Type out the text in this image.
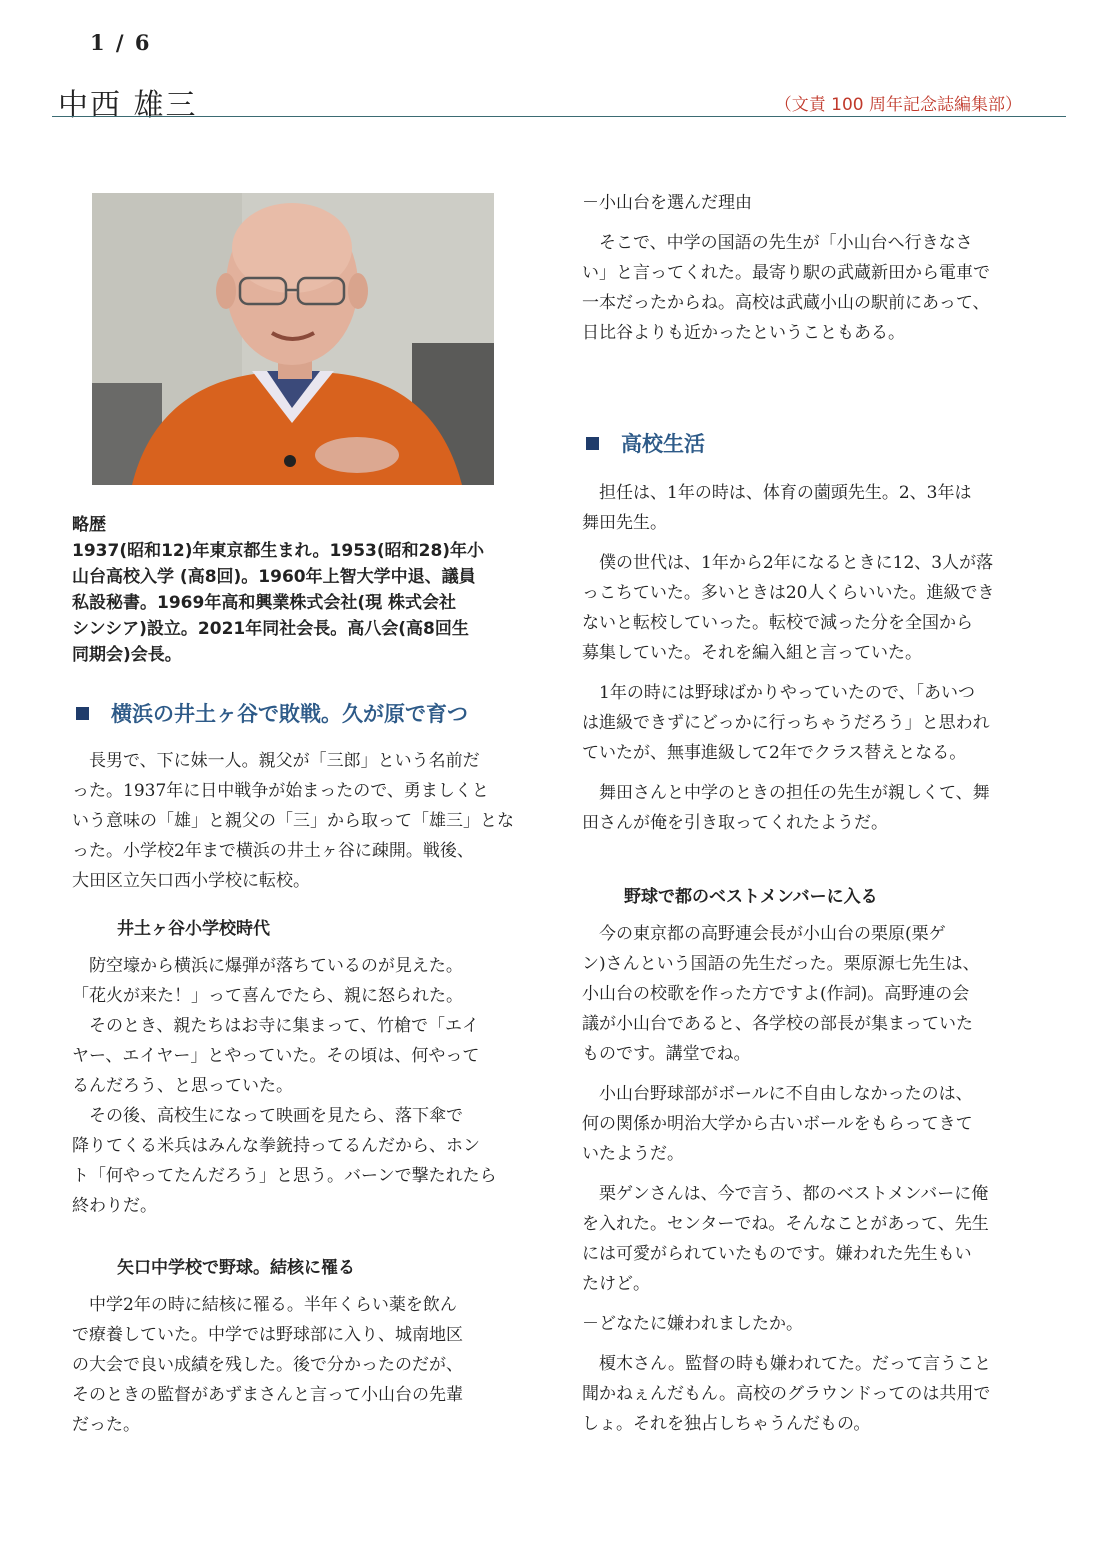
1 / 6
中西 雄三	（文責 100 周年記念誌編集部）
略歴
1937(昭和12)年東京都生まれ。1953(昭和28)年小
山台高校入学 (高8回)。1960年上智大学中退、議員
私設秘書。1969年高和興業株式会社(現 株式会社
シンシア)設立。2021年同社会長。高八会(高8回生
同期会)会長。
横浜の井土ヶ谷で敗戦。久が原で育つ

長男で、下に妹一人。親父が「三郎」という名前だ

った。1937年に日中戦争が始まったので、勇ましくと

いう意味の「雄」と親父の「三」から取って「雄三」とな

った。小学校2年まで横浜の井土ヶ谷に疎開。戦後、

大田区立矢口西小学校に転校。

井土ヶ谷小学校時代

防空壕から横浜に爆弾が落ちているのが見えた。

「花火が来た！」って喜んでたら、親に怒られた。

そのとき、親たちはお寺に集まって、竹槍で「エイ

ヤー、エイヤー」とやっていた。その頃は、何やって

るんだろう、と思っていた。

その後、高校生になって映画を見たら、落下傘で

降りてくる米兵はみんな拳銃持ってるんだから、ホン

ト「何やってたんだろう」と思う。バーンで撃たれたら

終わりだ。

矢口中学校で野球。結核に罹る

中学2年の時に結核に罹る。半年くらい薬を飲ん

で療養していた。中学では野球部に入り、城南地区

の大会で良い成績を残した。後で分かったのだが、

そのときの監督があずまさんと言って小山台の先輩

だった。

－小山台を選んだ理由

そこで、中学の国語の先生が「小山台へ行きなさ

い」と言ってくれた。最寄り駅の武蔵新田から電車で

一本だったからね。高校は武蔵小山の駅前にあって、

日比谷よりも近かったということもある。

高校生活

担任は、1年の時は、体育の薗頭先生。2、3年は

舞田先生。

僕の世代は、1年から2年になるときに12、3人が落

っこちていた。多いときは20人くらいいた。進級でき

ないと転校していった。転校で減った分を全国から

募集していた。それを編入組と言っていた。

1年の時には野球ばかりやっていたので、「あいつ

は進級できずにどっかに行っちゃうだろう」と思われ

ていたが、無事進級して2年でクラス替えとなる。

舞田さんと中学のときの担任の先生が親しくて、舞

田さんが俺を引き取ってくれたようだ。

野球で都のベストメンバーに入る

今の東京都の高野連会長が小山台の栗原(栗ゲ

ン)さんという国語の先生だった。栗原源七先生は、

小山台の校歌を作った方ですよ(作詞)。高野連の会

議が小山台であると、各学校の部長が集まっていた

ものです。講堂でね。

小山台野球部がボールに不自由しなかったのは、

何の関係か明治大学から古いボールをもらってきて

いたようだ。

栗ゲンさんは、今で言う、都のベストメンバーに俺

を入れた。センターでね。そんなことがあって、先生

には可愛がられていたものです。嫌われた先生もい

たけど。

－どなたに嫌われましたか。

榎木さん。監督の時も嫌われてた。だって言うこと

聞かねぇんだもん。高校のグラウンドってのは共用で

しょ。それを独占しちゃうんだもの。
